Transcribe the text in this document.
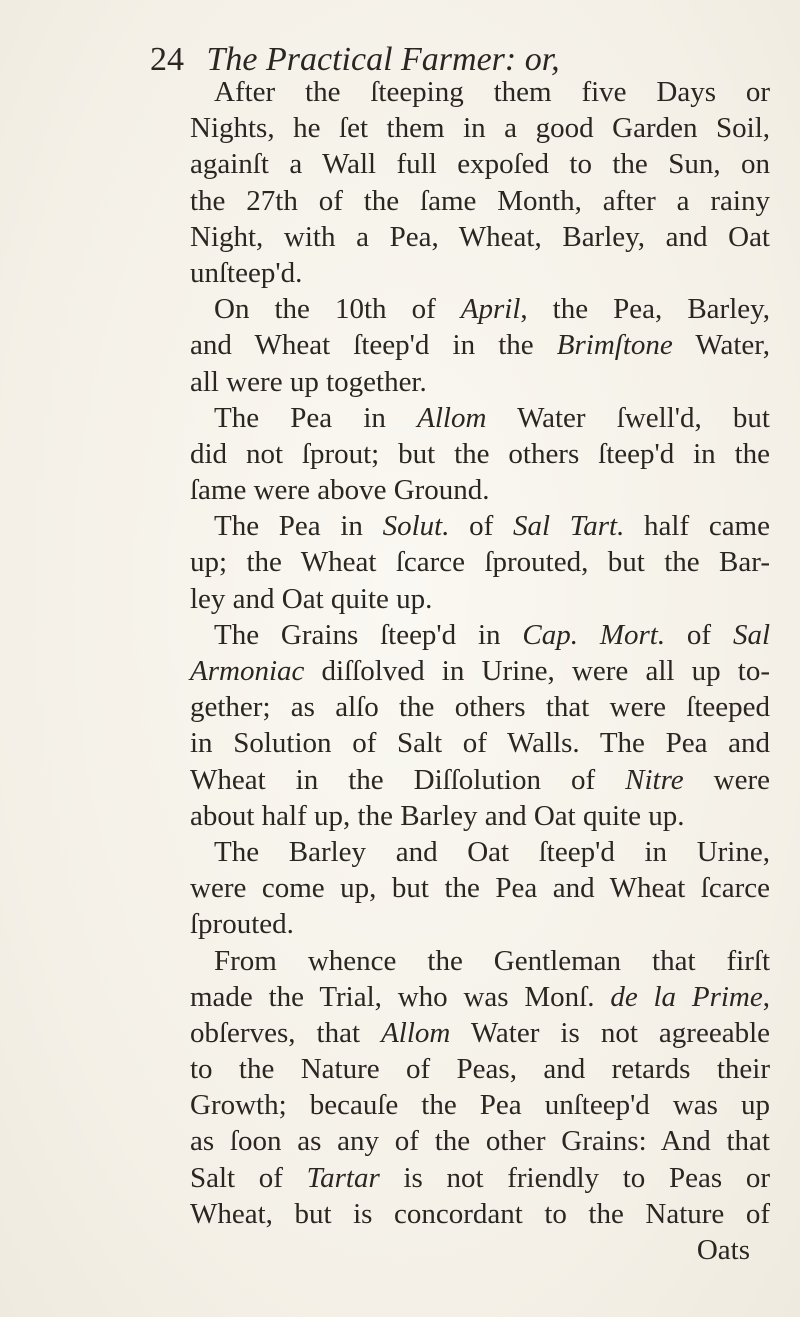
24 The Practical Farmer: or,
After the ſteeping them five Days or
Nights, he ſet them in a good Garden Soil,
againſt a Wall full expoſed to the Sun, on
the 27th of the ſame Month, after a rainy
Night, with a Pea, Wheat, Barley, and Oat
unſteep'd.
On the 10th of April, the Pea, Barley,
and Wheat ſteep'd in the Brimſtone Water,
all were up together.
The Pea in Allom Water ſwell'd, but
did not ſprout; but the others ſteep'd in the
ſame were above Ground.
The Pea in Solut. of Sal Tart. half came
up; the Wheat ſcarce ſprouted, but the Bar-
ley and Oat quite up.
The Grains ſteep'd in Cap. Mort. of Sal
Armoniac diſſolved in Urine, were all up to-
gether; as alſo the others that were ſteeped
in Solution of Salt of Walls. The Pea and
Wheat in the Diſſolution of Nitre were
about half up, the Barley and Oat quite up.
The Barley and Oat ſteep'd in Urine,
were come up, but the Pea and Wheat ſcarce
ſprouted.
From whence the Gentleman that firſt
made the Trial, who was Monſ. de la Prime,
obſerves, that Allom Water is not agreeable
to the Nature of Peas, and retards their
Growth; becauſe the Pea unſteep'd was up
as ſoon as any of the other Grains: And that
Salt of Tartar is not friendly to Peas or
Wheat, but is concordant to the Nature of
Oats
